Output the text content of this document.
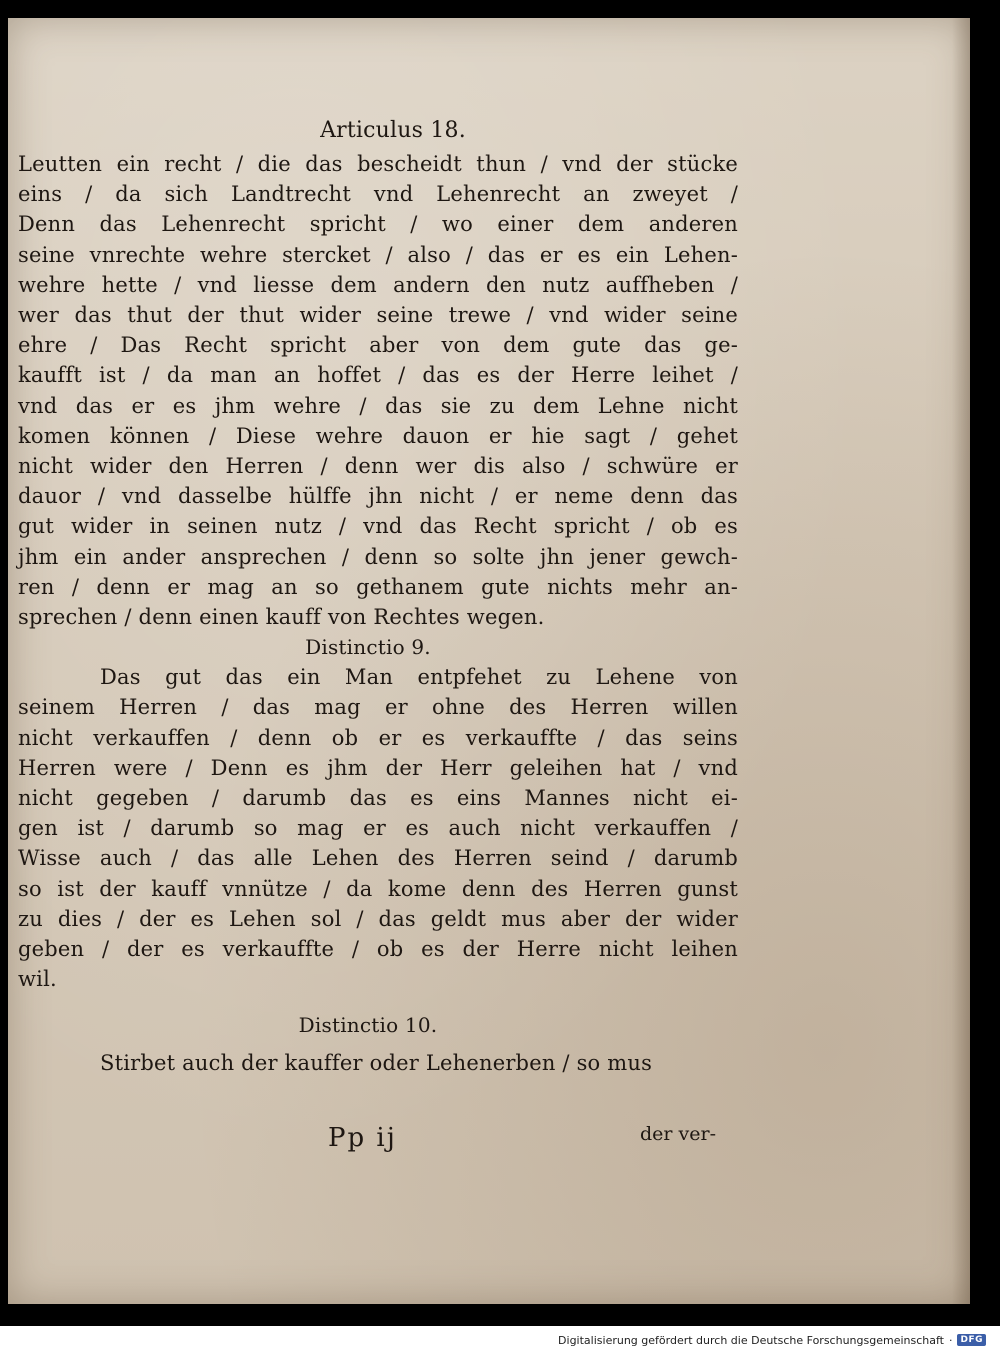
Articulus 18.
Leutten ein recht / die das bescheidt thun / vnd der stücke
eins / da sich Landtrecht vnd Lehenrecht an zweyet /
Denn das Lehenrecht spricht / wo einer dem anderen
seine vnrechte wehre stercket / also / das er es ein Lehen-
wehre hette / vnd liesse dem andern den nutz auffheben /
wer das thut der thut wider seine trewe / vnd wider seine
ehre / Das Recht spricht aber von dem gute das ge-
kaufft ist / da man an hoffet / das es der Herre leihet /
vnd das er es jhm wehre / das sie zu dem Lehne nicht
komen können / Diese wehre dauon er hie sagt / gehet
nicht wider den Herren / denn wer dis also / schwüre er
dauor / vnd dasselbe hülffe jhn nicht / er neme denn das
gut wider in seinen nutz / vnd das Recht spricht / ob es
jhm ein ander ansprechen / denn so solte jhn jener gewch-
ren / denn er mag an so gethanem gute nichts mehr an-
sprechen / denn einen kauff von Rechtes wegen.
Distinctio 9.
Das gut das ein Man entpfehet zu Lehene von
seinem Herren / das mag er ohne des Herren willen
nicht verkauffen / denn ob er es verkauffte / das seins
Herren were / Denn es jhm der Herr geleihen hat / vnd
nicht gegeben / darumb das es eins Mannes nicht ei-
gen ist / darumb so mag er es auch nicht verkauffen /
Wisse auch / das alle Lehen des Herren seind / darumb
so ist der kauff vnnütze / da kome denn des Herren gunst
zu dies / der es Lehen sol / das geldt mus aber der wider
geben / der es verkauffte / ob es der Herre nicht leihen
wil.
Distinctio 10.
Stirbet auch der kauffer oder Lehenerben / so mus
Pp ij	der ver-
Digitalisierung gefördert durch die Deutsche Forschungsgemeinschaft · DFG
